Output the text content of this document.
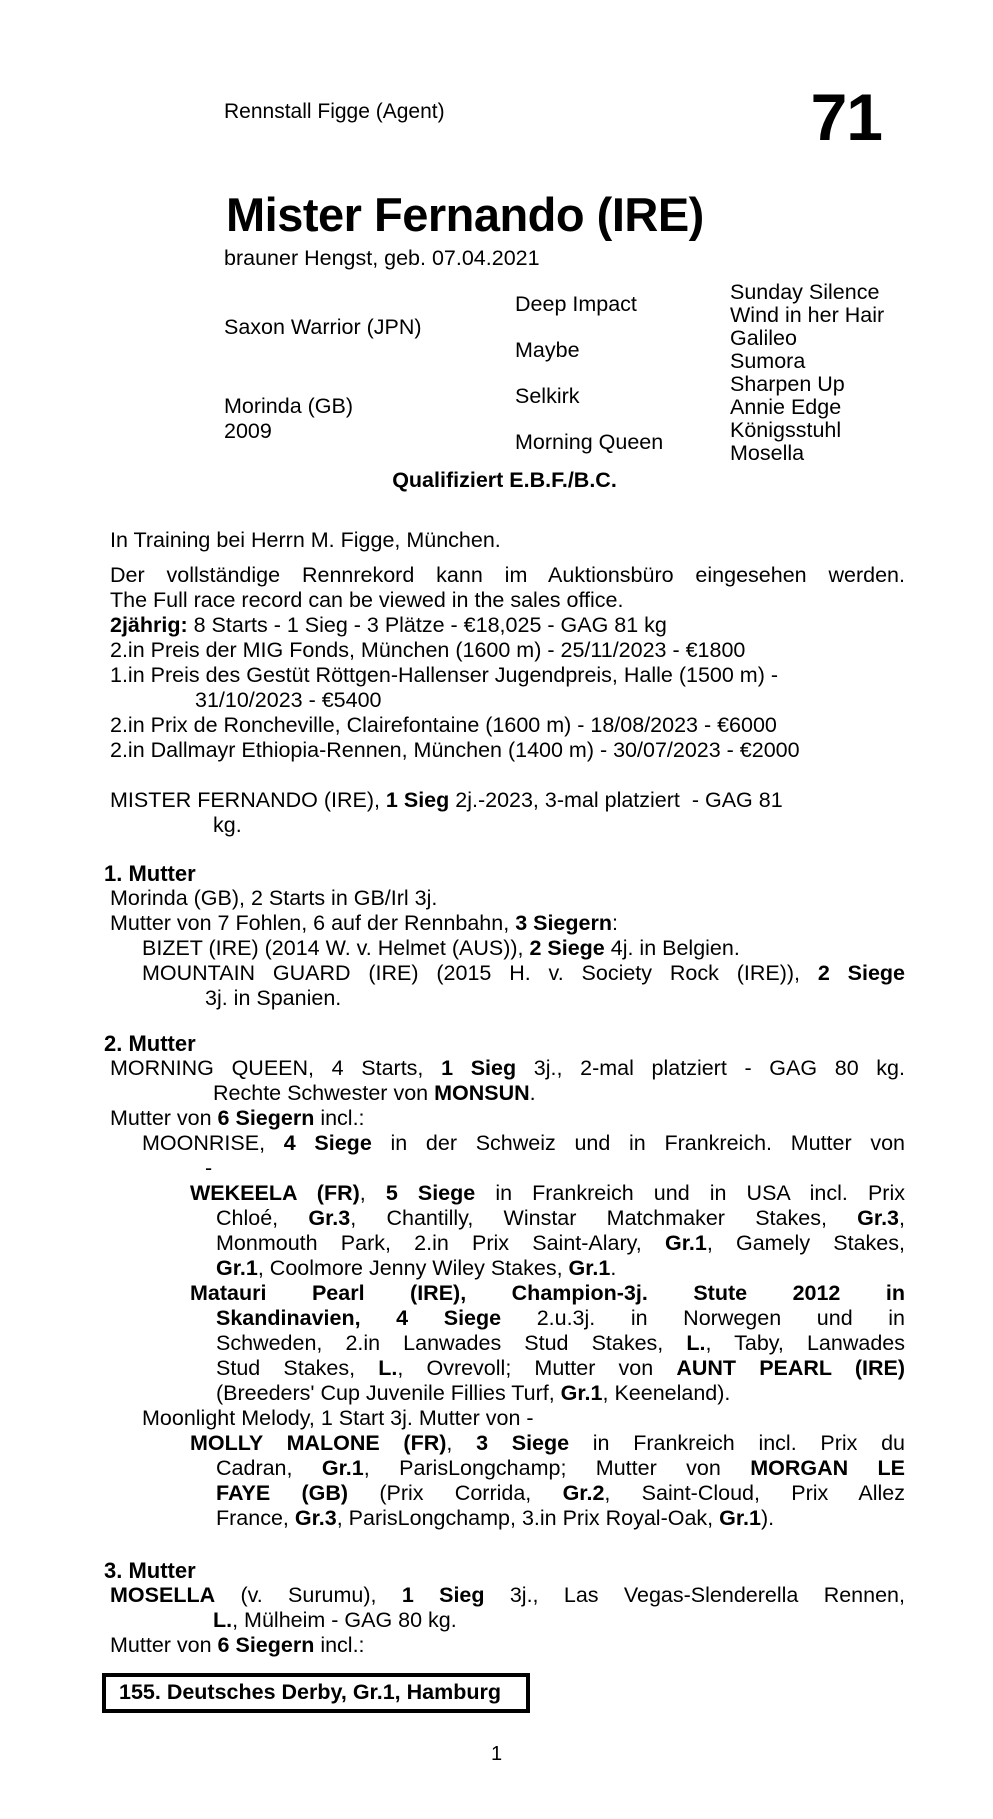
Rennstall Figge (Agent)	71
Mister Fernando (IRE)
brauner Hengst, geb. 07.04.2021
Saxon Warrior (JPN)
Morinda (GB)
2009
Deep Impact
Maybe
Selkirk
Morning Queen
Sunday Silence
Wind in her Hair
Galileo
Sumora
Sharpen Up
Annie Edge
Königsstuhl
Mosella
Qualifiziert E.B.F./B.C.
In Training bei Herrn M. Figge, München.
Der vollständige Rennrekord kann im Auktionsbüro eingesehen werden.
The Full race record can be viewed in the sales office.
2jährig: 8 Starts - 1 Sieg - 3 Plätze - €18,025 - GAG 81 kg
2.in Preis der MIG Fonds, München (1600 m) - 25/11/2023 - €1800
1.in Preis des Gestüt Röttgen-Hallenser Jugendpreis, Halle (1500 m) -
31/10/2023 - €5400
2.in Prix de Roncheville, Clairefontaine (1600 m) - 18/08/2023 - €6000
2.in Dallmayr Ethiopia-Rennen, München (1400 m) - 30/07/2023 - €2000
MISTER FERNANDO (IRE), 1 Sieg 2j.-2023, 3-mal platziert  - GAG 81
kg.
1. Mutter
Morinda (GB), 2 Starts in GB/Irl 3j.
Mutter von 7 Fohlen, 6 auf der Rennbahn, 3 Siegern:
BIZET (IRE) (2014 W. v. Helmet (AUS)), 2 Siege 4j. in Belgien.
MOUNTAIN GUARD (IRE) (2015 H. v. Society Rock (IRE)), 2 Siege
3j. in Spanien.
2. Mutter
MORNING QUEEN, 4 Starts, 1 Sieg 3j., 2-mal platziert - GAG 80 kg.
Rechte Schwester von MONSUN.
Mutter von 6 Siegern incl.:
MOONRISE, 4 Siege in der Schweiz und in Frankreich. Mutter von
-
WEKEELA (FR), 5 Siege in Frankreich und in USA incl. Prix
Chloé, Gr.3, Chantilly, Winstar Matchmaker Stakes, Gr.3,
Monmouth Park, 2.in Prix Saint-Alary, Gr.1, Gamely Stakes,
Gr.1, Coolmore Jenny Wiley Stakes, Gr.1.
Matauri Pearl (IRE), Champion-3j. Stute 2012 in
Skandinavien, 4 Siege 2.u.3j. in Norwegen und in
Schweden, 2.in Lanwades Stud Stakes, L., Taby, Lanwades
Stud Stakes, L., Ovrevoll; Mutter von AUNT PEARL (IRE)
(Breeders' Cup Juvenile Fillies Turf, Gr.1, Keeneland).
Moonlight Melody, 1 Start 3j. Mutter von -
MOLLY MALONE (FR), 3 Siege in Frankreich incl. Prix du
Cadran, Gr.1, ParisLongchamp; Mutter von MORGAN LE
FAYE (GB) (Prix Corrida, Gr.2, Saint-Cloud, Prix Allez
France, Gr.3, ParisLongchamp, 3.in Prix Royal-Oak, Gr.1).
3. Mutter
MOSELLA (v. Surumu), 1 Sieg 3j., Las Vegas-Slenderella Rennen,
L., Mülheim - GAG 80 kg.
Mutter von 6 Siegern incl.:
155. Deutsches Derby, Gr.1, Hamburg
1
